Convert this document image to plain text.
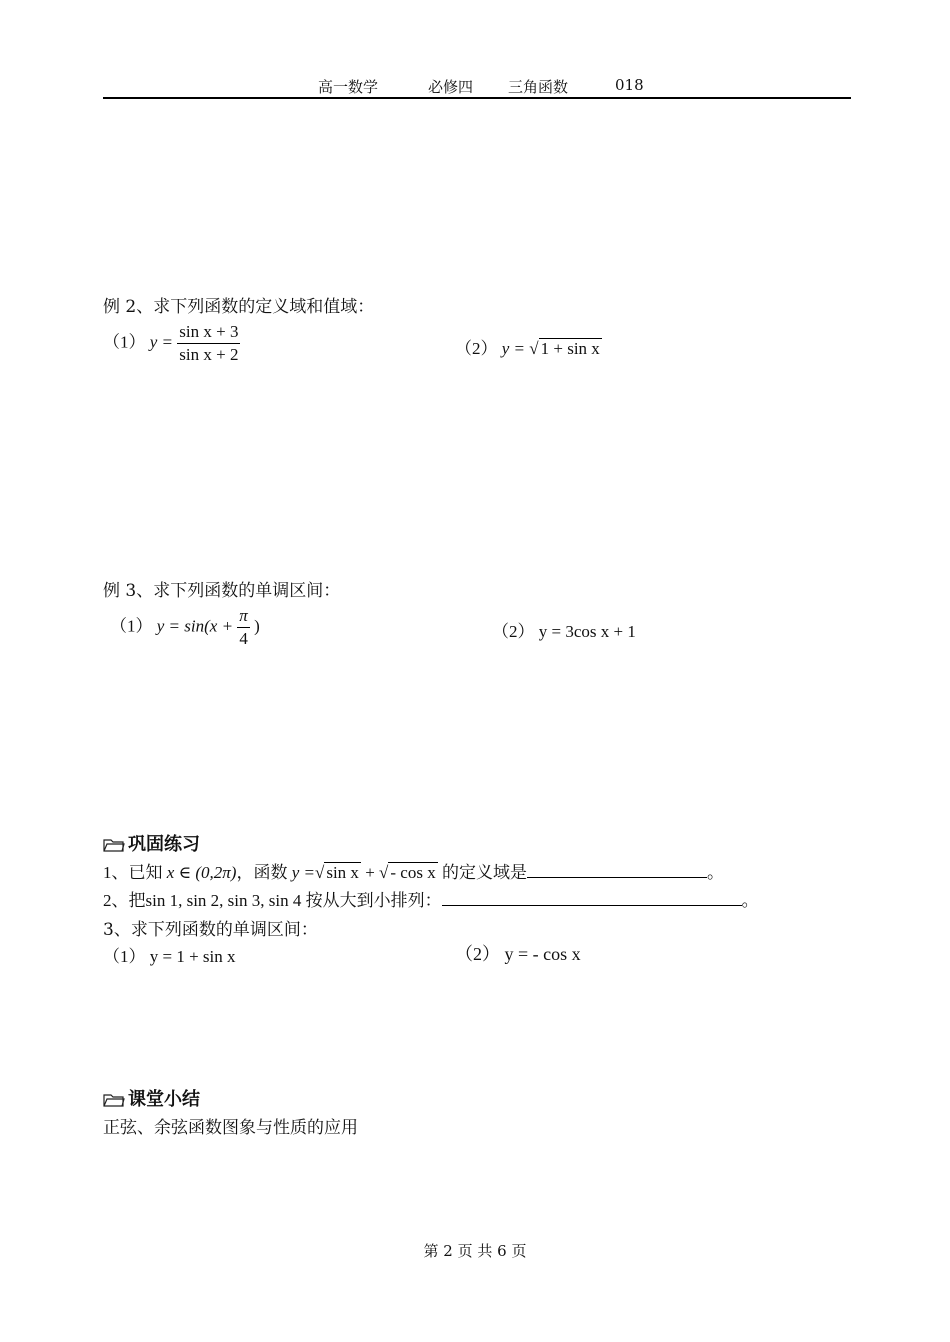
高一数学	必修四 三角函数	018
例 2、求下列函数的定义域和值域：
（1） $y = \frac{\text{sin x + 3}}{\text{sin x + 2}}$	（2） y = √ 1 + sin x
例 3、求下列函数的单调区间：
（1） $y = \sin(x + \frac{\pi}{4}$ )	（2） y = 3cos x + 1
巩固练习
1、已知 x ∈ (0,2π)，函数 y =√ sin x + √ - cos x 的定义域是	。
2、把sin 1, sin 2, sin 3, sin 4 按从大到小排列：	。
3、求下列函数的单调区间：
（1） y = 1 + sin x	（2） y = - cos x
课堂小结
正弦、余弦函数图象与性质的应用
第 2 页 共 6 页
